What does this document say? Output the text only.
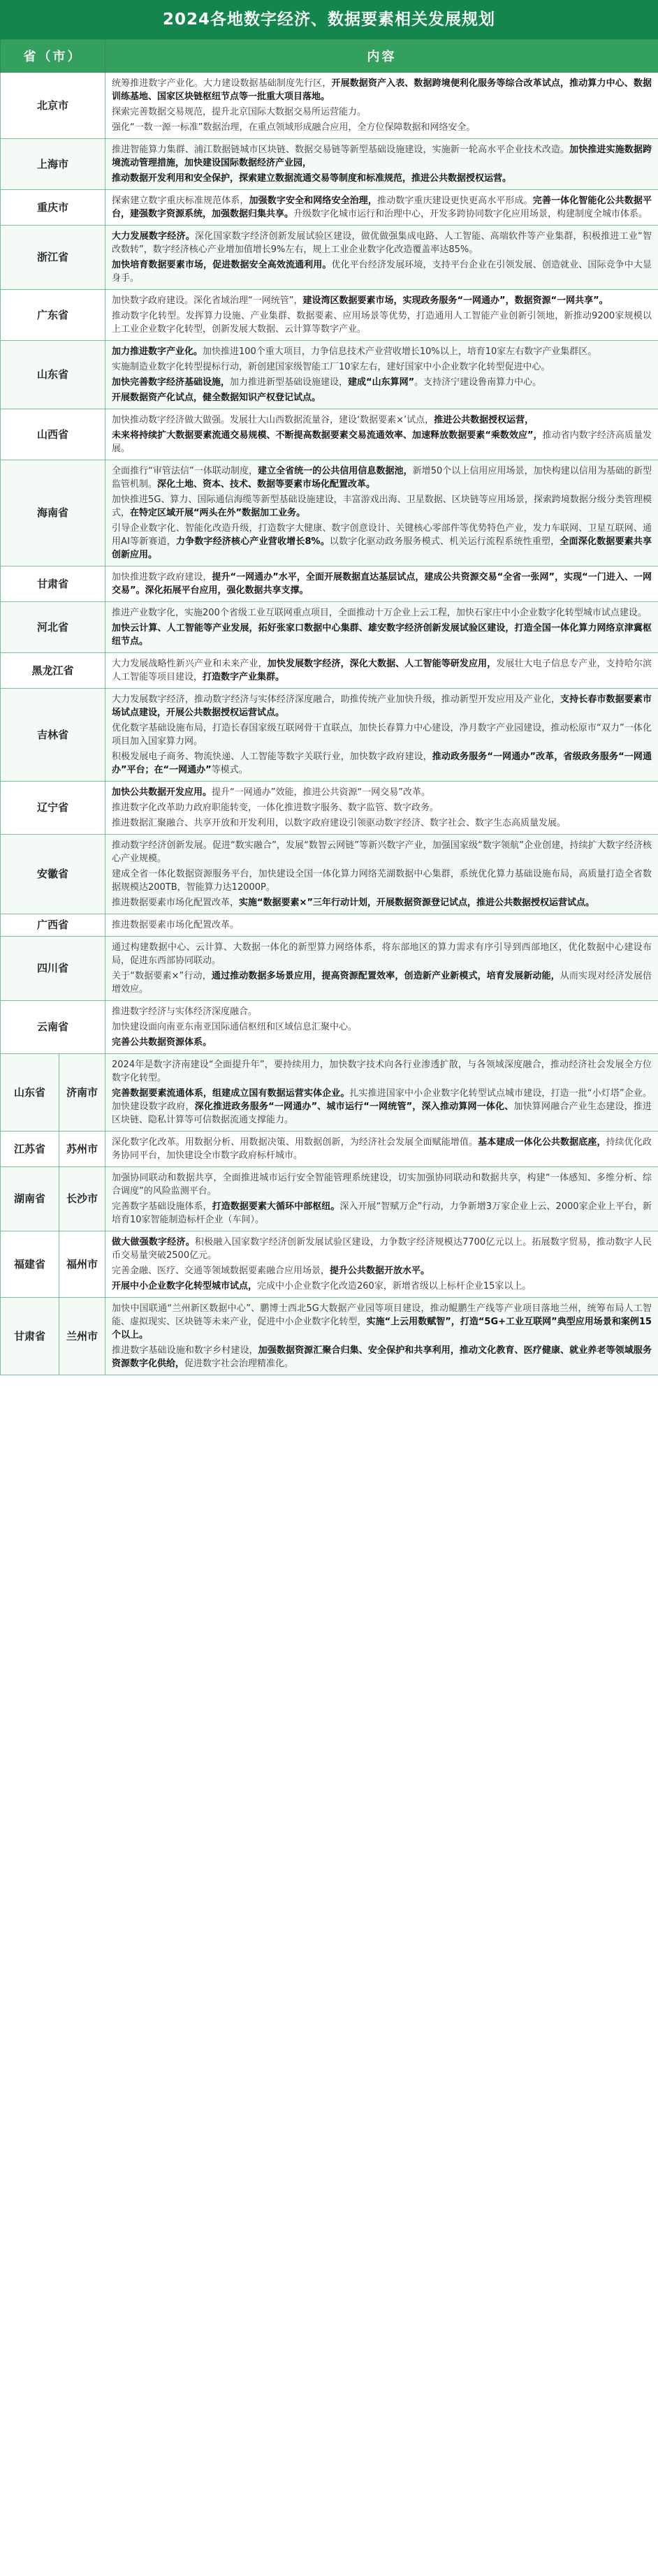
2024各地数字经济、数据要素相关发展规划
省（市）		内容
北京市		统筹推进数字产业化。大力建设数据基础制度先行区，开展数据资产入表、数据跨境便利化服务等综合改革试点，推动算力中心、数据训练基地、国家区块链枢纽节点等一批重大项目落地。
探索完善数据交易规范，提升北京国际大数据交易所运营能力。
强化“一数一源一标准”数据治理，在重点领域形成融合应用，全方位保障数据和网络安全。

上海市		推进智能算力集群、浦江数据链城市区块链、数据交易链等新型基础设施建设，实施新一轮高水平企业技术改造。加快推进实施数据跨境流动管理措施，加快建设国际数据经济产业园，
推动数据开发利用和安全保护，探索建立数据流通交易等制度和标准规范，推进公共数据授权运营。

重庆市		探索建立数字重庆标准规范体系，加强数字安全和网络安全治理，推动数字重庆建设更快更高水平形成。完善一体化智能化公共数据平台，建强数字资源系统，加强数据归集共享。升级数字化城市运行和治理中心，开发多跨协同数字化应用场景，构建制度全城市体系。

浙江省		大力发展数字经济。深化国家数字经济创新发展试验区建设，做优做强集成电路、人工智能、高端软件等产业集群，积极推进工业“智改数转”，数字经济核心产业增加值增长9%左右，规上工业企业数字化改造覆盖率达85%。
加快培育数据要素市场，促进数据安全高效流通利用。优化平台经济发展环境，支持平台企业在引领发展、创造就业、国际竞争中大显身手。

广东省		加快数字政府建设。深化省域治理“一网统管”，建设湾区数据要素市场，实现政务服务“一网通办”，数据资源“一网共享”。
推动数字化转型。发挥算力设施、产业集群、数据要素、应用场景等优势，打造通用人工智能产业创新引领地，新推动9200家规模以上工业企业数字化转型，创新发展大数据、云计算等数字产业。

山东省		加力推进数字产业化。加快推进100个重大项目，力争信息技术产业营收增长10%以上，培育10家左右数字产业集群区。
实施制造业数字化转型提标行动，新创建国家级智能工厂10家左右，建好国家中小企业数字化转型促进中心。
加快完善数字经济基础设施，加力推进新型基础设施建设，建成“山东算网”。支持济宁建设鲁南算力中心。
开展数据资产化试点，健全数据知识产权登记试点。

山西省		加快推动数字经济做大做强。发展壮大山西数据流量谷，建设‘数据要素×’试点，推进公共数据授权运营，
未来将持续扩大数据要素流通交易规模、不断提高数据要素交易流通效率、加速释放数据要素“乘数效应”，推动省内数字经济高质量发展。

海南省		全面推行“审管法信”一体联动制度，建立全省统一的公共信用信息数据池，新增50个以上信用应用场景，加快构建以信用为基础的新型监管机制。深化土地、资本、技术、数据等要素市场化配置改革。
加快推进5G、算力、国际通信海缆等新型基础设施建设，丰富游戏出海、卫星数据、区块链等应用场景，探索跨境数据分级分类管理模式，在特定区域开展“两头在外”数据加工业务。
引导企业数字化、智能化改造升级，打造数字大健康、数字创意设计、关键核心零部件等优势特色产业，发力车联网、卫星互联网、通用AI等新赛道，力争数字经济核心产业营收增长8%。以数字化驱动政务服务模式、机关运行流程系统性重塑，全面深化数据要素共享创新应用。

甘肃省		加快推进数字政府建设，提升“一网通办”水平，全面开展数据直达基层试点，建成公共资源交易“全省一张网”，实现“一门进入、一网交易”。深化拓展平台应用，强化数据共享支撑。

河北省		推进产业数字化，实施200个省级工业互联网重点项目，全面推动十万企业上云工程，加快石家庄中小企业数字化转型城市试点建设。
加快云计算、人工智能等产业发展，拓好张家口数据中心集群、雄安数字经济创新发展试验区建设，打造全国一体化算力网络京津冀枢纽节点。

黑龙江省		大力发展战略性新兴产业和未来产业，加快发展数字经济，深化大数据、人工智能等研发应用，发展壮大电子信息专产业，支持哈尔滨人工智能等项目建设，打造数字产业集群。

吉林省		大力发展数字经济，推动数字经济与实体经济深度融合，助推传统产业加快升级，推动新型开发应用及产业化，支持长春市数据要素市场试点建设，开展公共数据授权运营试点。
优化数字基础设施布局，打造长春国家级互联网骨干直联点，加快长春算力中心建设，净月数字产业园建设，推动松原市“双力”一体化项目加入国家算力网。
积极发展电子商务、物流快递、人工智能等数字关联行业，加快数字政府建设，推动政务服务“一网通办”改革，省级政务服务“一网通办”平台；在“一网通办”等模式。

辽宁省		加快公共数据开发应用。提升“一网通办”效能，推进公共资源“一网交易”改革。
推进数字化改革助力政府职能转变，一体化推进数字服务、数字监管、数字政务。
推进数据汇聚融合、共享开放和开发利用，以数字政府建设引领驱动数字经济、数字社会、数字生态高质量发展。

安徽省		推动数字经济创新发展。促进“数实融合”，发展“数智云网链”等新兴数字产业，加强国家级“数字领航”企业创建，持续扩大数字经济核心产业规模。
建成全省一体化数据资源服务平台，加快建设全国一体化算力网络芜湖数据中心集群，系统优化算力基础设施布局，高质量打造全省数据规模达200TB，智能算力达12000P。
推进数据要素市场化配置改革，实施“数据要素×”三年行动计划，开展数据资源登记试点，推进公共数据授权运营试点。

广西省		推进数据要素市场化配置改革。

四川省		通过构建数据中心、云计算、大数据一体化的新型算力网络体系，将东部地区的算力需求有序引导到西部地区，优化数据中心建设布局，促进东西部协同联动。
关于“数据要素×”行动，通过推动数据多场景应用，提高资源配置效率，创造新产业新模式，培育发展新动能，从而实现对经济发展倍增效应。

云南省		推进数字经济与实体经济深度融合。
加快建设面向南亚东南亚国际通信枢纽和区域信息汇聚中心。
完善公共数据资源体系。

山东省	济南市	2024年是数字济南建设“全面提升年”，要持续用力，加快数字技术向各行业渗透扩散，与各领域深度融合，推动经济社会发展全方位数字化转型。
完善数据要素流通体系，组建成立国有数据运营实体企业。扎实推进国家中小企业数字化转型试点城市建设，打造一批“小灯塔”企业。加快建设数字政府，深化推进政务服务“一网通办”、城市运行“一网统管”，深入推动算网一体化、加快算网融合产业生态建设，推进区块链、隐私计算等可信数据流通支撑能力。

江苏省	苏州市	深化数字化改革。用数据分析、用数据决策、用数据创新，为经济社会发展全面赋能增值。基本建成一体化公共数据底座，持续优化政务协同平台，加快建设全市数字政府标杆城市。

湖南省	长沙市	加强协同联动和数据共享，全面推进城市运行安全智能管理系统建设，切实加强协同联动和数据共享，构建“一体感知、多维分析、综合调度”的风险监测平台。
完善数字基础设施体系，打造数据要素大循环中部枢纽。深入开展“智赋万企”行动，力争新增3万家企业上云、2000家企业上平台，新培育10家智能制造标杆企业（车间）。

福建省	福州市	做大做强数字经济。积极融入国家数字经济创新发展试验区建设，力争数字经济规模达7700亿元以上。拓展数字贸易，推动数字人民币交易量突破2500亿元。
完善金融、医疗、交通等领域数据要素融合应用场景，提升公共数据开放水平。
开展中小企业数字化转型城市试点，完成中小企业数字化改造260家，新增省级以上标杆企业15家以上。

甘肃省	兰州市	加快中国联通“兰州新区数据中心”、鹏博士西北5G大数据产业园等项目建设，推动鲲鹏生产线等产业项目落地兰州，统筹布局人工智能、虚拟现实、区块链等未来产业，促进中小企业数字化转型，实施“上云用数赋智”，打造“5G+工业互联网”典型应用场景和案例15个以上。
推进数字基础设施和数字乡村建设，加强数据资源汇聚合归集、安全保护和共享利用，推动文化教育、医疗健康、就业养老等领域服务资源数字化供给，促进数字社会治理精准化。
